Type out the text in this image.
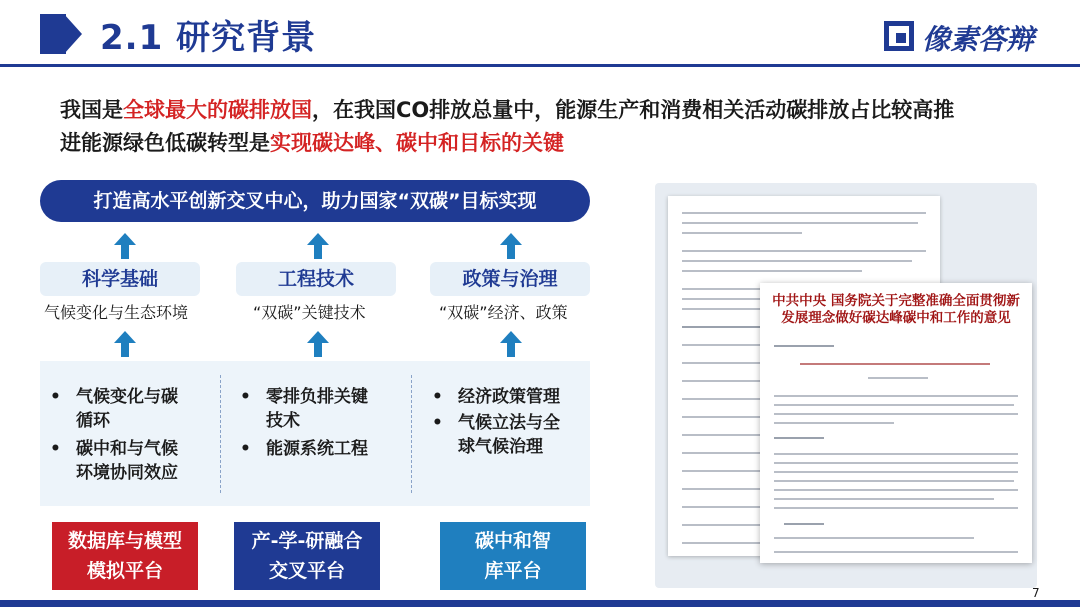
2.1 研究背景	像素答辩
我国是全球最大的碳排放国，在我国CO排放总量中，能源生产和消费相关活动碳排放占比较高推
进能源绿色低碳转型是实现碳达峰、碳中和目标的关键
打造高水平创新交叉中心，助力国家“双碳”目标实现
科学基础	工程技术	政策与治理
气候变化与生态环境	“双碳”关键技术	“双碳”经济、政策
• 气候变化与碳
循环
• 碳中和与气候
环境协同效应
• 零排负排关键
技术
• 能源系统工程
• 经济政策管理
• 气候立法与全
球气候治理
数据库与模型
模拟平台
产-学-研融合
交叉平台
碳中和智
库平台
中共中央 国务院关于完整准确全面贯彻新发展理念做好碳达峰碳中和工作的意见
7
